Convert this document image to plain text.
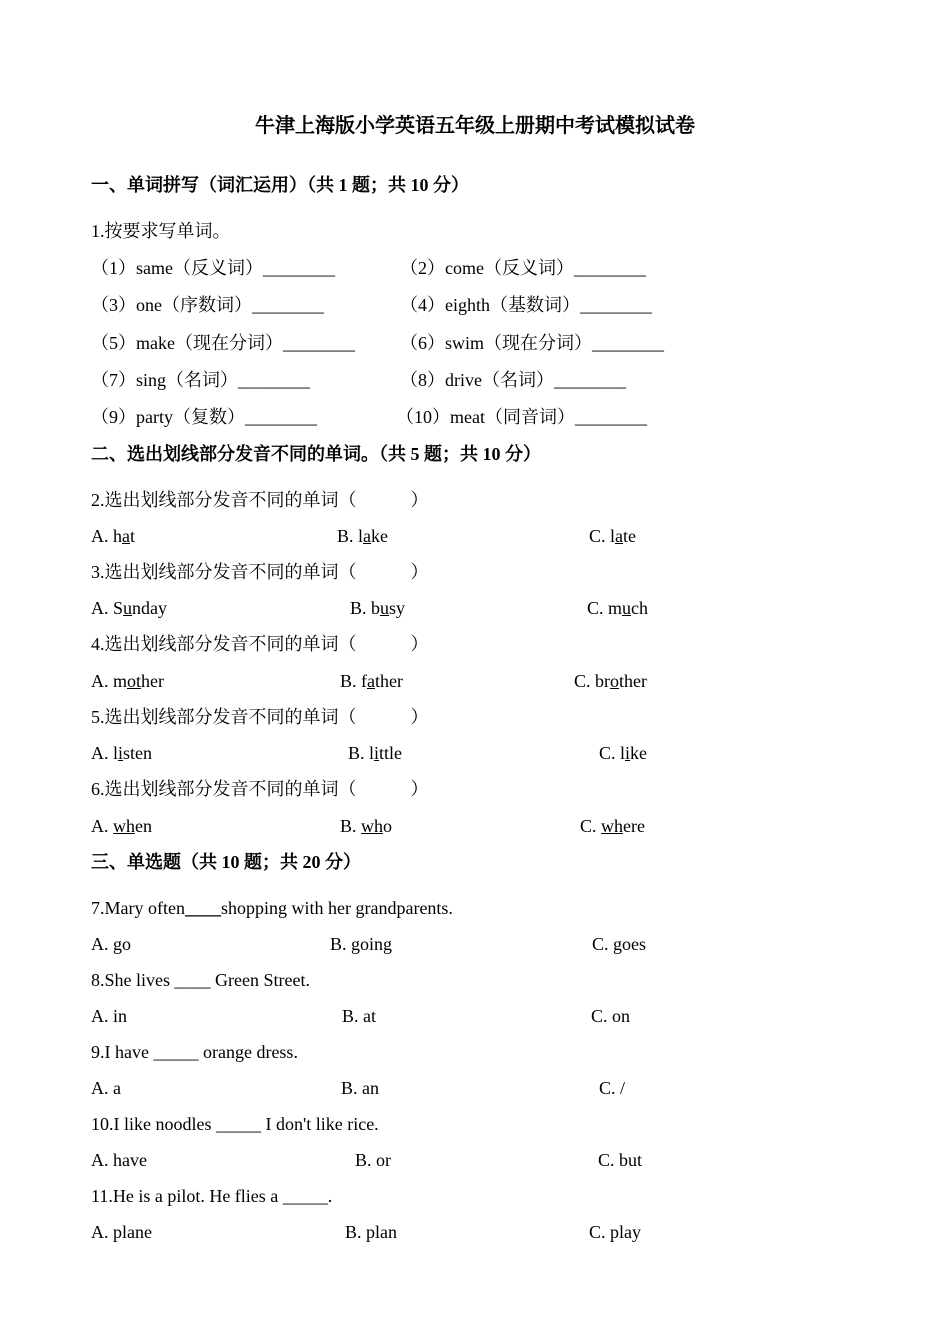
牛津上海版小学英语五年级上册期中考试模拟试卷
一、单词拼写（词汇运用）（共 1 题；共 10 分）
1.按要求写单词。
（1）same（反义词）________	（2）come（反义词）________
（3）one（序数词）________	（4）eighth（基数词）________
（5）make（现在分词）________	（6）swim（现在分词）________
（7）sing（名词）________	（8）drive（名词）________
（9）party（复数）________	（10）meat（同音词）________
二、选出划线部分发音不同的单词。（共 5 题；共 10 分）
2.选出划线部分发音不同的单词（　　　）
A. hat	B. lake	C. late
3.选出划线部分发音不同的单词（　　　）
A. Sunday	B. busy	C. much
4.选出划线部分发音不同的单词（　　　）
A. mother	B. father	C. brother
5.选出划线部分发音不同的单词（　　　）
A. listen	B. little	C. like
6.选出划线部分发音不同的单词（　　　）
A. when	B. who	C. where
三、单选题（共 10 题；共 20 分）
7.Mary often____shopping with her grandparents.
A. go	B. going	C. goes
8.She lives ____ Green Street.
A. in	B. at	C. on
9.I have _____ orange dress.
A. a	B. an	C. /
10.I like noodles _____ I don't like rice.
A. have	B. or	C. but
11.He is a pilot. He flies a _____.
A. plane	B. plan	C. play
